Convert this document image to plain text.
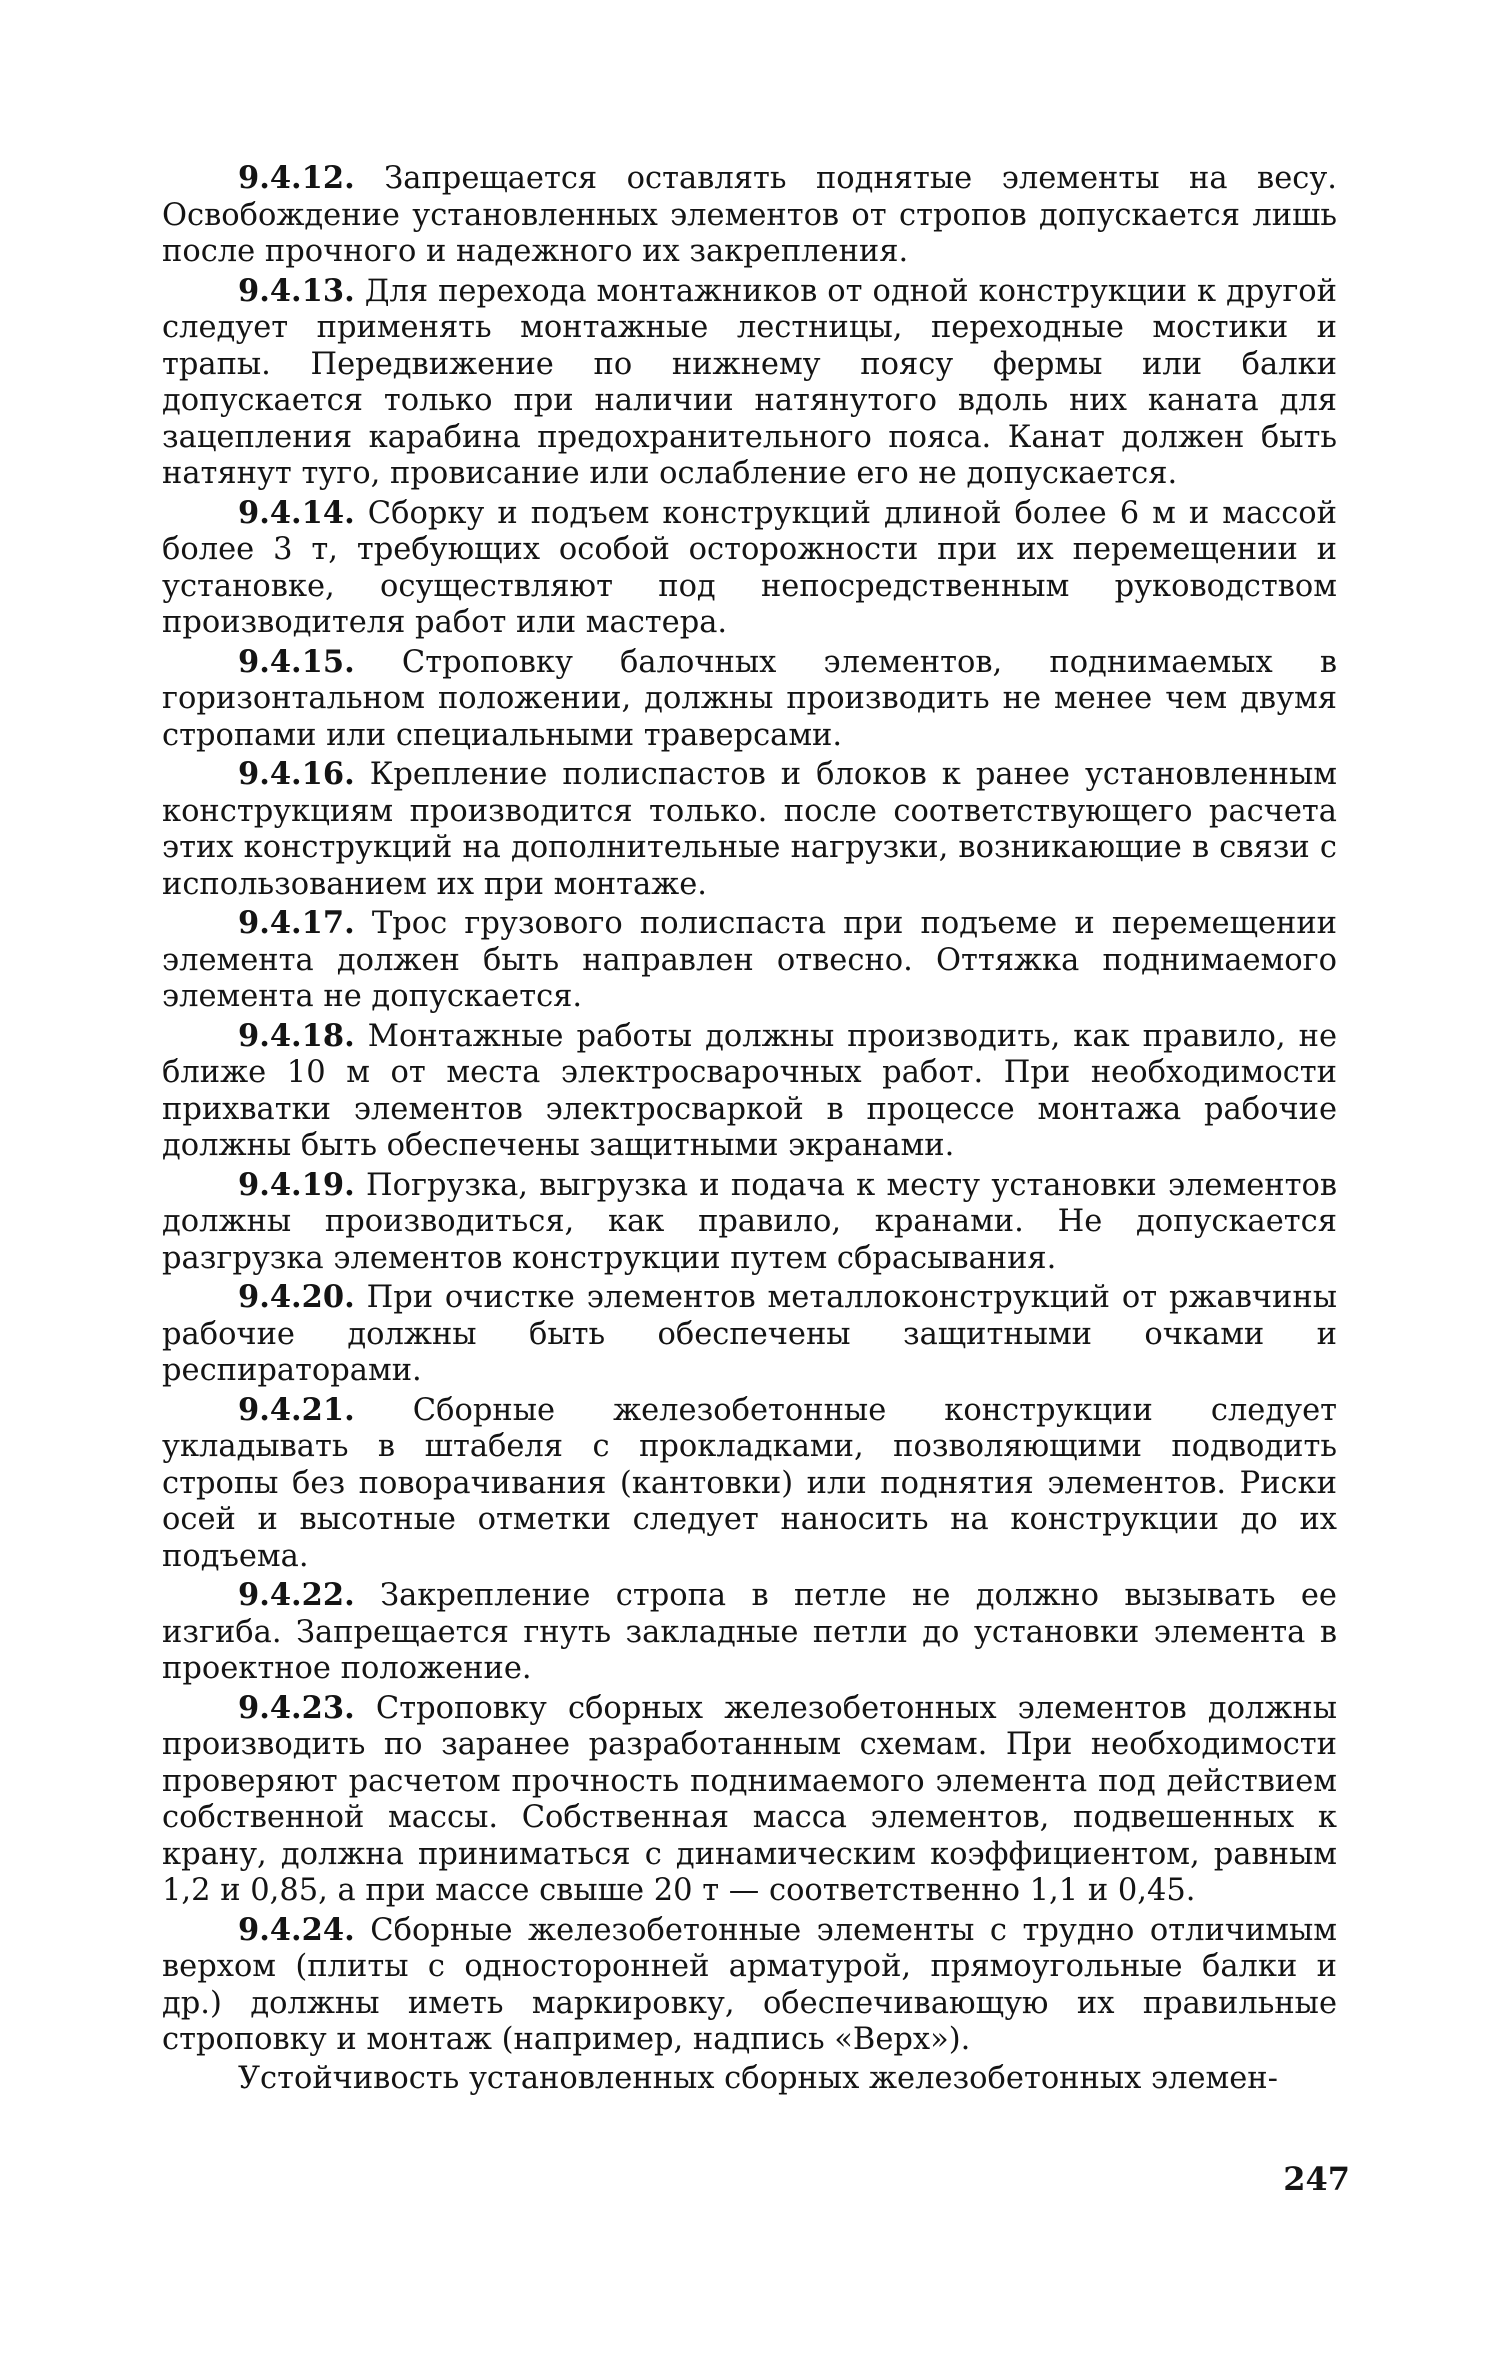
9.4.12. Запрещается оставлять поднятые элементы на весу. Освобождение установленных элементов от стропов допускается лишь после прочного и надежного их закрепления.

9.4.13. Для перехода монтажников от одной конструкции к другой следует применять монтажные лестницы, переходные мостики и трапы. Передвижение по нижнему поясу фермы или балки допускается только при наличии натянутого вдоль них каната для зацепления карабина предохранительного пояса. Канат должен быть натянут туго, провисание или ослабление его не допускается.

9.4.14. Сборку и подъем конструкций длиной более 6 м и массой более 3 т, требующих особой осторожности при их перемещении и установке, осуществляют под непосредственным руководством производителя работ или мастера.

9.4.15. Строповку балочных элементов, поднимаемых в горизонтальном положении, должны производить не менее чем двумя стропами или специальными траверсами.

9.4.16. Крепление полиспастов и блоков к ранее установленным конструкциям производится только. после соответствующего расчета этих конструкций на дополнительные нагрузки, возникающие в связи с использованием их при монтаже.

9.4.17. Трос грузового полиспаста при подъеме и перемещении элемента должен быть направлен отвесно. Оттяжка поднимаемого элемента не допускается.

9.4.18. Монтажные работы должны производить, как правило, не ближе 10 м от места электросварочных работ. При необходимости прихватки элементов электросваркой в процессе монтажа рабочие должны быть обеспечены защитными экранами.

9.4.19. Погрузка, выгрузка и подача к месту установки элементов должны производиться, как правило, кранами. Не допускается разгрузка элементов конструкции путем сбрасывания.

9.4.20. При очистке элементов металлоконструкций от ржавчины рабочие должны быть обеспечены защитными очками и респираторами.

9.4.21. Сборные железобетонные конструкции следует укладывать в штабеля с прокладками, позволяющими подводить стропы без поворачивания (кантовки) или поднятия элементов. Риски осей и высотные отметки следует наносить на конструкции до их подъема.

9.4.22. Закрепление стропа в петле не должно вызывать ее изгиба. Запрещается гнуть закладные петли до установки элемента в проектное положение.

9.4.23. Строповку сборных железобетонных элементов должны производить по заранее разработанным схемам. При необходимости проверяют расчетом прочность поднимаемого элемента под действием собственной массы. Собственная масса элементов, подвешенных к крану, должна приниматься с динамическим коэффициентом, равным 1,2 и 0,85, а при массе свыше 20 т — соответственно 1,1 и 0,45.

9.4.24. Сборные железобетонные элементы с трудно отличимым верхом (плиты с односторонней арматурой, прямоугольные балки и др.) должны иметь маркировку, обеспечивающую их правильные строповку и монтаж (например, надпись «Верх»).

Устойчивость установленных сборных железобетонных элемен-

247
